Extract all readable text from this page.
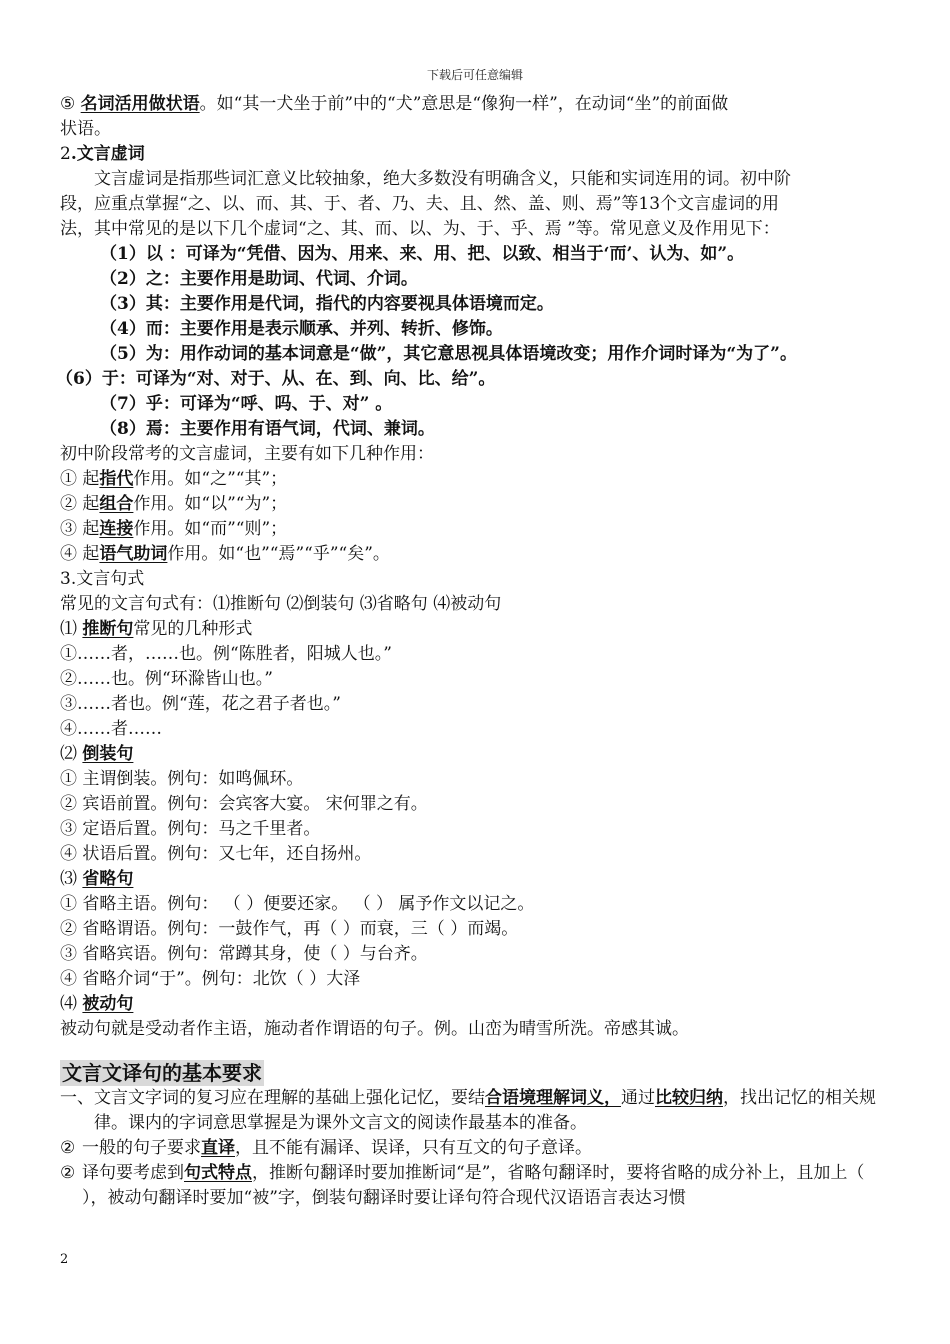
下载后可任意编辑
⑤ 名词活用做状语。如“其一犬坐于前”中的“犬”意思是“像狗一样”，在动词“坐”的前面做
状语。
2.文言虚词
文言虚词是指那些词汇意义比较抽象，绝大多数没有明确含义，只能和实词连用的词。初中阶
段，应重点掌握“之、以、而、其、于、者、乃、夫、且、然、盖、则、焉”等13个文言虚词的用
法，其中常见的是以下几个虚词“之、其、而、以、为、于、乎、焉 ”等。常见意义及作用见下：
（1）以 ：可译为“凭借、因为、用来、来、用、把、以致、相当于‘而’、认为、如”。
（2）之：主要作用是助词、代词、介词。
（3）其：主要作用是代词，指代的内容要视具体语境而定。
（4）而：主要作用是表示顺承、并列、转折、修饰。
（5）为：用作动词的基本词意是“做”，其它意思视具体语境改变；用作介词时译为“为了”。
（6）于：可译为“对、对于、从、在、到、向、比、给”。
（7）乎：可译为“呼、吗、于、对” 。
（8）焉：主要作用有语气词，代词、兼词。
初中阶段常考的文言虚词，主要有如下几种作用：
① 起指代作用。如“之”“其”；
② 起组合作用。如“以”“为”；
③ 起连接作用。如“而”“则”；
④ 起语气助词作用。如“也”“焉”“乎”“矣”。
3.文言句式
常见的文言句式有：⑴推断句 ⑵倒装句 ⑶省略句 ⑷被动句
⑴ 推断句常见的几种形式
①……者，……也。例“陈胜者，阳城人也。”
②……也。例“环滁皆山也。”
③……者也。例“莲，花之君子者也。”
④……者……
⑵ 倒装句
① 主谓倒装。例句：如鸣佩环。
② 宾语前置。例句：会宾客大宴。 宋何罪之有。
③ 定语后置。例句：马之千里者。
④ 状语后置。例句：又七年，还自扬州。
⑶ 省略句
① 省略主语。例句： （ ）便要还家。 （ ） 属予作文以记之。
② 省略谓语。例句：一鼓作气，再（ ）而衰，三（ ）而竭。
③ 省略宾语。例句：常蹲其身，使（ ）与台齐。
④ 省略介词“于”。例句：北饮（ ）大泽
⑷ 被动句
被动句就是受动者作主语，施动者作谓语的句子。例。山峦为晴雪所洗。帝感其诚。
文言文译句的基本要求
一、 文言文字词的复习应在理解的基础上强化记忆，要结合语境理解词义，通过比较归纳，找出记忆的相关规律。课内的字词意思掌握是为课外文言文的阅读作最基本的准备。
② 一般的句子要求直译，且不能有漏译、误译，只有互文的句子意译。
② 译句要考虑到句式特点，推断句翻译时要加推断词“是”，省略句翻译时，要将省略的成分补上，且加上（ ），被动句翻译时要加“被”字，倒装句翻译时要让译句符合现代汉语语言表达习惯
2
